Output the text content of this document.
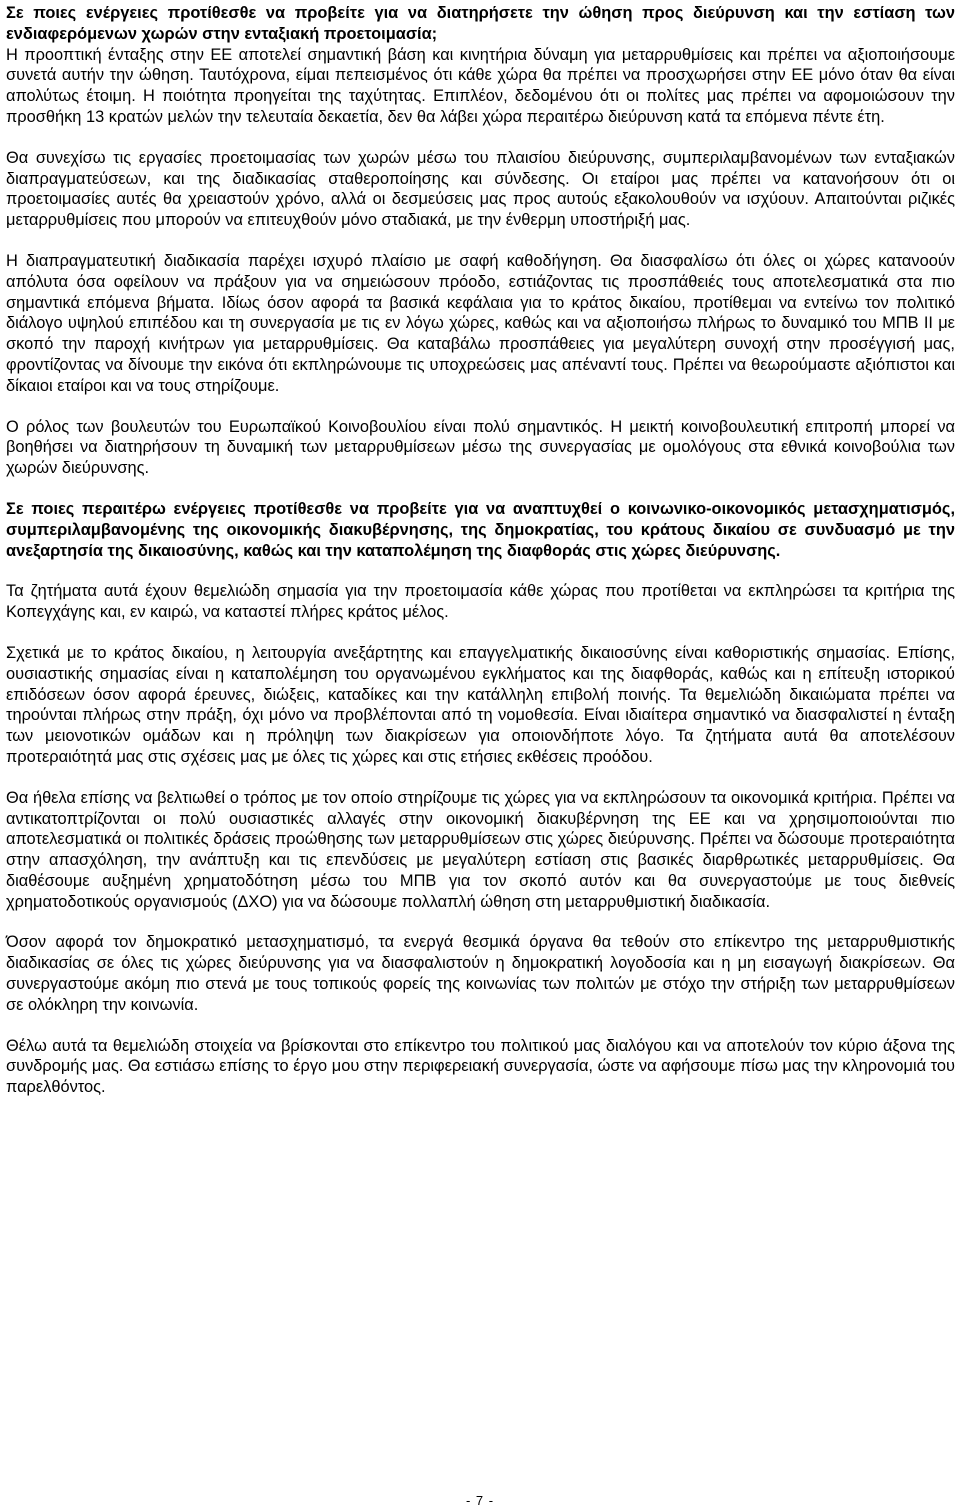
Σε ποιες ενέργειες προτίθεσθε να προβείτε για να διατηρήσετε την ώθηση προς διεύρυνση και την εστίαση των ενδιαφερόμενων χωρών στην ενταξιακή προετοιμασία;

Η προοπτική ένταξης στην ΕΕ αποτελεί σημαντική βάση και κινητήρια δύναμη για μεταρρυθμίσεις και πρέπει να αξιοποιήσουμε συνετά αυτήν την ώθηση. Ταυτόχρονα, είμαι πεπεισμένος ότι κάθε χώρα θα πρέπει να προσχωρήσει στην ΕΕ μόνο όταν θα είναι απολύτως έτοιμη. Η ποιότητα προηγείται της ταχύτητας. Επιπλέον, δεδομένου ότι οι πολίτες μας πρέπει να αφομοιώσουν την προσθήκη 13 κρατών μελών την τελευταία δεκαετία, δεν θα λάβει χώρα περαιτέρω διεύρυνση κατά τα επόμενα πέντε έτη.

Θα συνεχίσω τις εργασίες προετοιμασίας των χωρών μέσω του πλαισίου διεύρυνσης, συμπεριλαμβανομένων των ενταξιακών διαπραγματεύσεων, και της διαδικασίας σταθεροποίησης και σύνδεσης. Οι εταίροι μας πρέπει να κατανοήσουν ότι οι προετοιμασίες αυτές θα χρειαστούν χρόνο, αλλά οι δεσμεύσεις μας προς αυτούς εξακολουθούν να ισχύουν. Απαιτούνται ριζικές μεταρρυθμίσεις που μπορούν να επιτευχθούν μόνο σταδιακά, με την ένθερμη υποστήριξή μας.

Η διαπραγματευτική διαδικασία παρέχει ισχυρό πλαίσιο με σαφή καθοδήγηση. Θα διασφαλίσω ότι όλες οι χώρες κατανοούν απόλυτα όσα οφείλουν να πράξουν για να σημειώσουν πρόοδο, εστιάζοντας τις προσπάθειές τους αποτελεσματικά στα πιο σημαντικά επόμενα βήματα. Ιδίως όσον αφορά τα βασικά κεφάλαια για το κράτος δικαίου, προτίθεμαι να εντείνω τον πολιτικό διάλογο υψηλού επιπέδου και τη συνεργασία με τις εν λόγω χώρες, καθώς και να αξιοποιήσω πλήρως το δυναμικό του ΜΠΒ ΙΙ με σκοπό την παροχή κινήτρων για μεταρρυθμίσεις. Θα καταβάλω προσπάθειες για μεγαλύτερη συνοχή στην προσέγγισή μας, φροντίζοντας να δίνουμε την εικόνα ότι εκπληρώνουμε τις υποχρεώσεις μας απέναντί τους. Πρέπει να θεωρούμαστε αξιόπιστοι και δίκαιοι εταίροι και να τους στηρίζουμε.

Ο ρόλος των βουλευτών του Ευρωπαϊκού Κοινοβουλίου είναι πολύ σημαντικός. Η μεικτή κοινοβουλευτική επιτροπή μπορεί να βοηθήσει να διατηρήσουν τη δυναμική των μεταρρυθμίσεων μέσω της συνεργασίας με ομολόγους στα εθνικά κοινοβούλια των χωρών διεύρυνσης.

Σε ποιες περαιτέρω ενέργειες προτίθεσθε να προβείτε για να αναπτυχθεί ο κοινωνικο-οικονομικός μετασχηματισμός, συμπεριλαμβανομένης της οικονομικής διακυβέρνησης, της δημοκρατίας, του κράτους δικαίου σε συνδυασμό με την ανεξαρτησία της δικαιοσύνης, καθώς και την καταπολέμηση της διαφθοράς στις χώρες διεύρυνσης.

Τα ζητήματα αυτά έχουν θεμελιώδη σημασία για την προετοιμασία κάθε χώρας που προτίθεται να εκπληρώσει τα κριτήρια της Κοπεγχάγης και, εν καιρώ, να καταστεί πλήρες κράτος μέλος.

Σχετικά με το κράτος δικαίου, η λειτουργία ανεξάρτητης και επαγγελματικής δικαιοσύνης είναι καθοριστικής σημασίας. Επίσης, ουσιαστικής σημασίας είναι η καταπολέμηση του οργανωμένου εγκλήματος και της διαφθοράς, καθώς και η επίτευξη ιστορικού επιδόσεων όσον αφορά έρευνες, διώξεις, καταδίκες και την κατάλληλη επιβολή ποινής. Τα θεμελιώδη δικαιώματα πρέπει να τηρούνται πλήρως στην πράξη, όχι μόνο να προβλέπονται από τη νομοθεσία. Είναι ιδιαίτερα σημαντικό να διασφαλιστεί η ένταξη των μειονοτικών ομάδων και η πρόληψη των διακρίσεων για οποιονδήποτε λόγο. Τα ζητήματα αυτά θα αποτελέσουν προτεραιότητά μας στις σχέσεις μας με όλες τις χώρες και στις ετήσιες εκθέσεις προόδου.

Θα ήθελα επίσης να βελτιωθεί ο τρόπος με τον οποίο στηρίζουμε τις χώρες για να εκπληρώσουν τα οικονομικά κριτήρια. Πρέπει να αντικατοπτρίζονται οι πολύ ουσιαστικές αλλαγές στην οικονομική διακυβέρνηση της ΕΕ και να χρησιμοποιούνται πιο αποτελεσματικά οι πολιτικές δράσεις προώθησης των μεταρρυθμίσεων στις χώρες διεύρυνσης. Πρέπει να δώσουμε προτεραιότητα στην απασχόληση, την ανάπτυξη και τις επενδύσεις με μεγαλύτερη εστίαση στις βασικές διαρθρωτικές μεταρρυθμίσεις. Θα διαθέσουμε αυξημένη χρηματοδότηση μέσω του ΜΠΒ για τον σκοπό αυτόν και θα συνεργαστούμε με τους διεθνείς χρηματοδοτικούς οργανισμούς (ΔΧΟ) για να δώσουμε πολλαπλή ώθηση στη μεταρρυθμιστική διαδικασία.

Όσον αφορά τον δημοκρατικό μετασχηματισμό, τα ενεργά θεσμικά όργανα θα τεθούν στο επίκεντρο της μεταρρυθμιστικής διαδικασίας σε όλες τις χώρες διεύρυνσης για να διασφαλιστούν η δημοκρατική λογοδοσία και η μη εισαγωγή διακρίσεων. Θα συνεργαστούμε ακόμη πιο στενά με τους τοπικούς φορείς της κοινωνίας των πολιτών με στόχο την στήριξη των μεταρρυθμίσεων σε ολόκληρη την κοινωνία.

Θέλω αυτά τα θεμελιώδη στοιχεία να βρίσκονται στο επίκεντρο του πολιτικού μας διαλόγου και να αποτελούν τον κύριο άξονα της συνδρομής μας. Θα εστιάσω επίσης το έργο μου στην περιφερειακή συνεργασία, ώστε να αφήσουμε πίσω μας την κληρονομιά του παρελθόντος.

- 7 -
